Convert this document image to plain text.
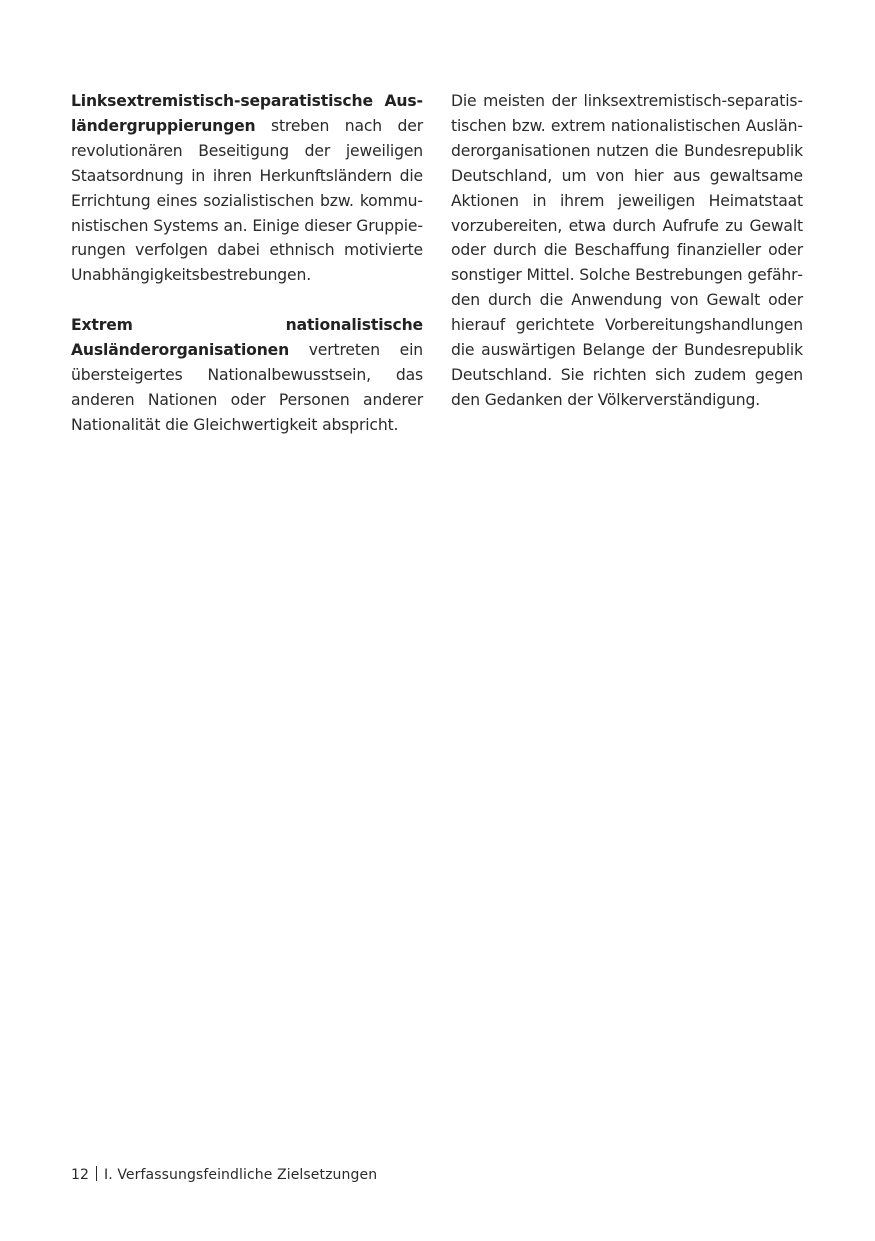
Linksextremistisch-separatistische Ausländergruppierungen streben nach der revolutionären Beseitigung der jeweiligen Staatsordnung in ihren Herkunftsländern die Errichtung eines sozialistischen bzw. kommunistischen Systems an. Einige dieser Gruppierungen verfolgen dabei ethnisch motivierte Unabhängigkeitsbestrebungen.

Extrem nationalistische Ausländerorganisationen vertreten ein übersteigertes Nationalbewusstsein, das anderen Nationen oder Personen anderer Nationalität die Gleichwertigkeit abspricht.

Die meisten der linksextremistisch-separatistischen bzw. extrem nationalistischen Ausländerorganisationen nutzen die Bundesrepublik Deutschland, um von hier aus gewaltsame Aktionen in ihrem jeweiligen Heimatstaat vorzubereiten, etwa durch Aufrufe zu Gewalt oder durch die Beschaffung finanzieller oder sonstiger Mittel. Solche Bestrebungen gefährden durch die Anwendung von Gewalt oder hierauf gerichtete Vorbereitungshandlungen die auswärtigen Belange der Bundesrepublik Deutschland. Sie richten sich zudem gegen den Gedanken der Völkerverständigung.

12 I. Verfassungsfeindliche Zielsetzungen
